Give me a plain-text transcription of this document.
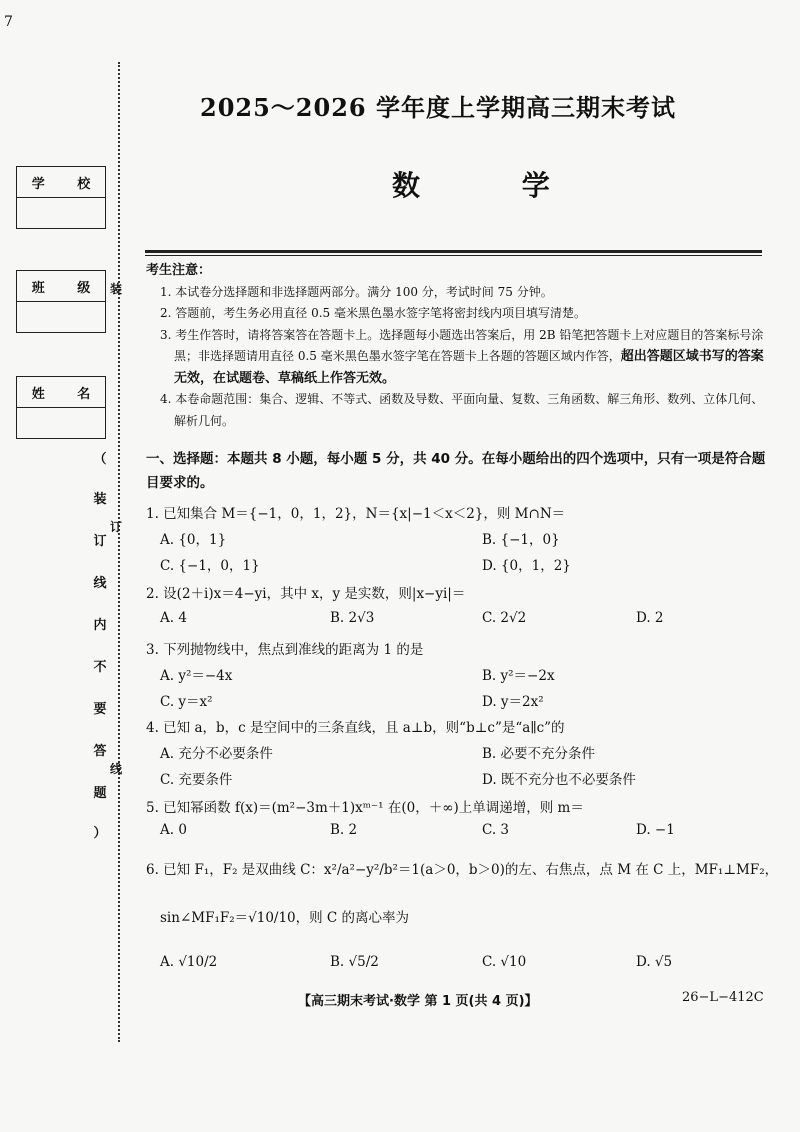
7
学 校
班 级
姓 名
（
装
订
线
内
不
要
答
题
）
装
订
线
2025～2026 学年度上学期高三期末考试
数 学
考生注意：
1. 本试卷分选择题和非选择题两部分。满分 100 分，考试时间 75 分钟。
2. 答题前，考生务必用直径 0.5 毫米黑色墨水签字笔将密封线内项目填写清楚。
3. 考生作答时，请将答案答在答题卡上。选择题每小题选出答案后，用 2B 铅笔把答题卡上对应题目的答案标号涂黑；非选择题请用直径 0.5 毫米黑色墨水签字笔在答题卡上各题的答题区域内作答，超出答题区域书写的答案无效，在试题卷、草稿纸上作答无效。
4. 本卷命题范围：集合、逻辑、不等式、函数及导数、平面向量、复数、三角函数、解三角形、数列、立体几何、解析几何。
一、选择题：本题共 8 小题，每小题 5 分，共 40 分。在每小题给出的四个选项中，只有一项是符合题目要求的。
1. 已知集合 M＝{−1，0，1，2}，N＝{x|−1＜x＜2}，则 M∩N＝
A. {0，1}	B. {−1，0}
C. {−1，0，1}	D. {0，1，2}
2. 设(2＋i)x＝4−yi，其中 x，y 是实数，则|x−yi|＝
A. 4	B. 2√3	C. 2√2	D. 2
3. 下列抛物线中，焦点到准线的距离为 1 的是
A. y²＝−4x	B. y²＝−2x
C. y＝x²	D. y＝2x²
4. 已知 a，b，c 是空间中的三条直线，且 a⊥b，则“b⊥c”是“a∥c”的
A. 充分不必要条件	B. 必要不充分条件
C. 充要条件	D. 既不充分也不必要条件
5. 已知幂函数 f(x)＝(m²−3m＋1)xᵐ⁻¹ 在(0，＋∞)上单调递增，则 m＝
A. 0	B. 2	C. 3	D. −1
6. 已知 F₁，F₂ 是双曲线 C：x²/a²−y²/b²＝1(a＞0，b＞0)的左、右焦点，点 M 在 C 上，MF₁⊥MF₂，
sin∠MF₁F₂＝√10/10，则 C 的离心率为
A. √10/2	B. √5/2	C. √10	D. √5
【高三期末考试·数学 第 1 页(共 4 页)】	26−L−412C
